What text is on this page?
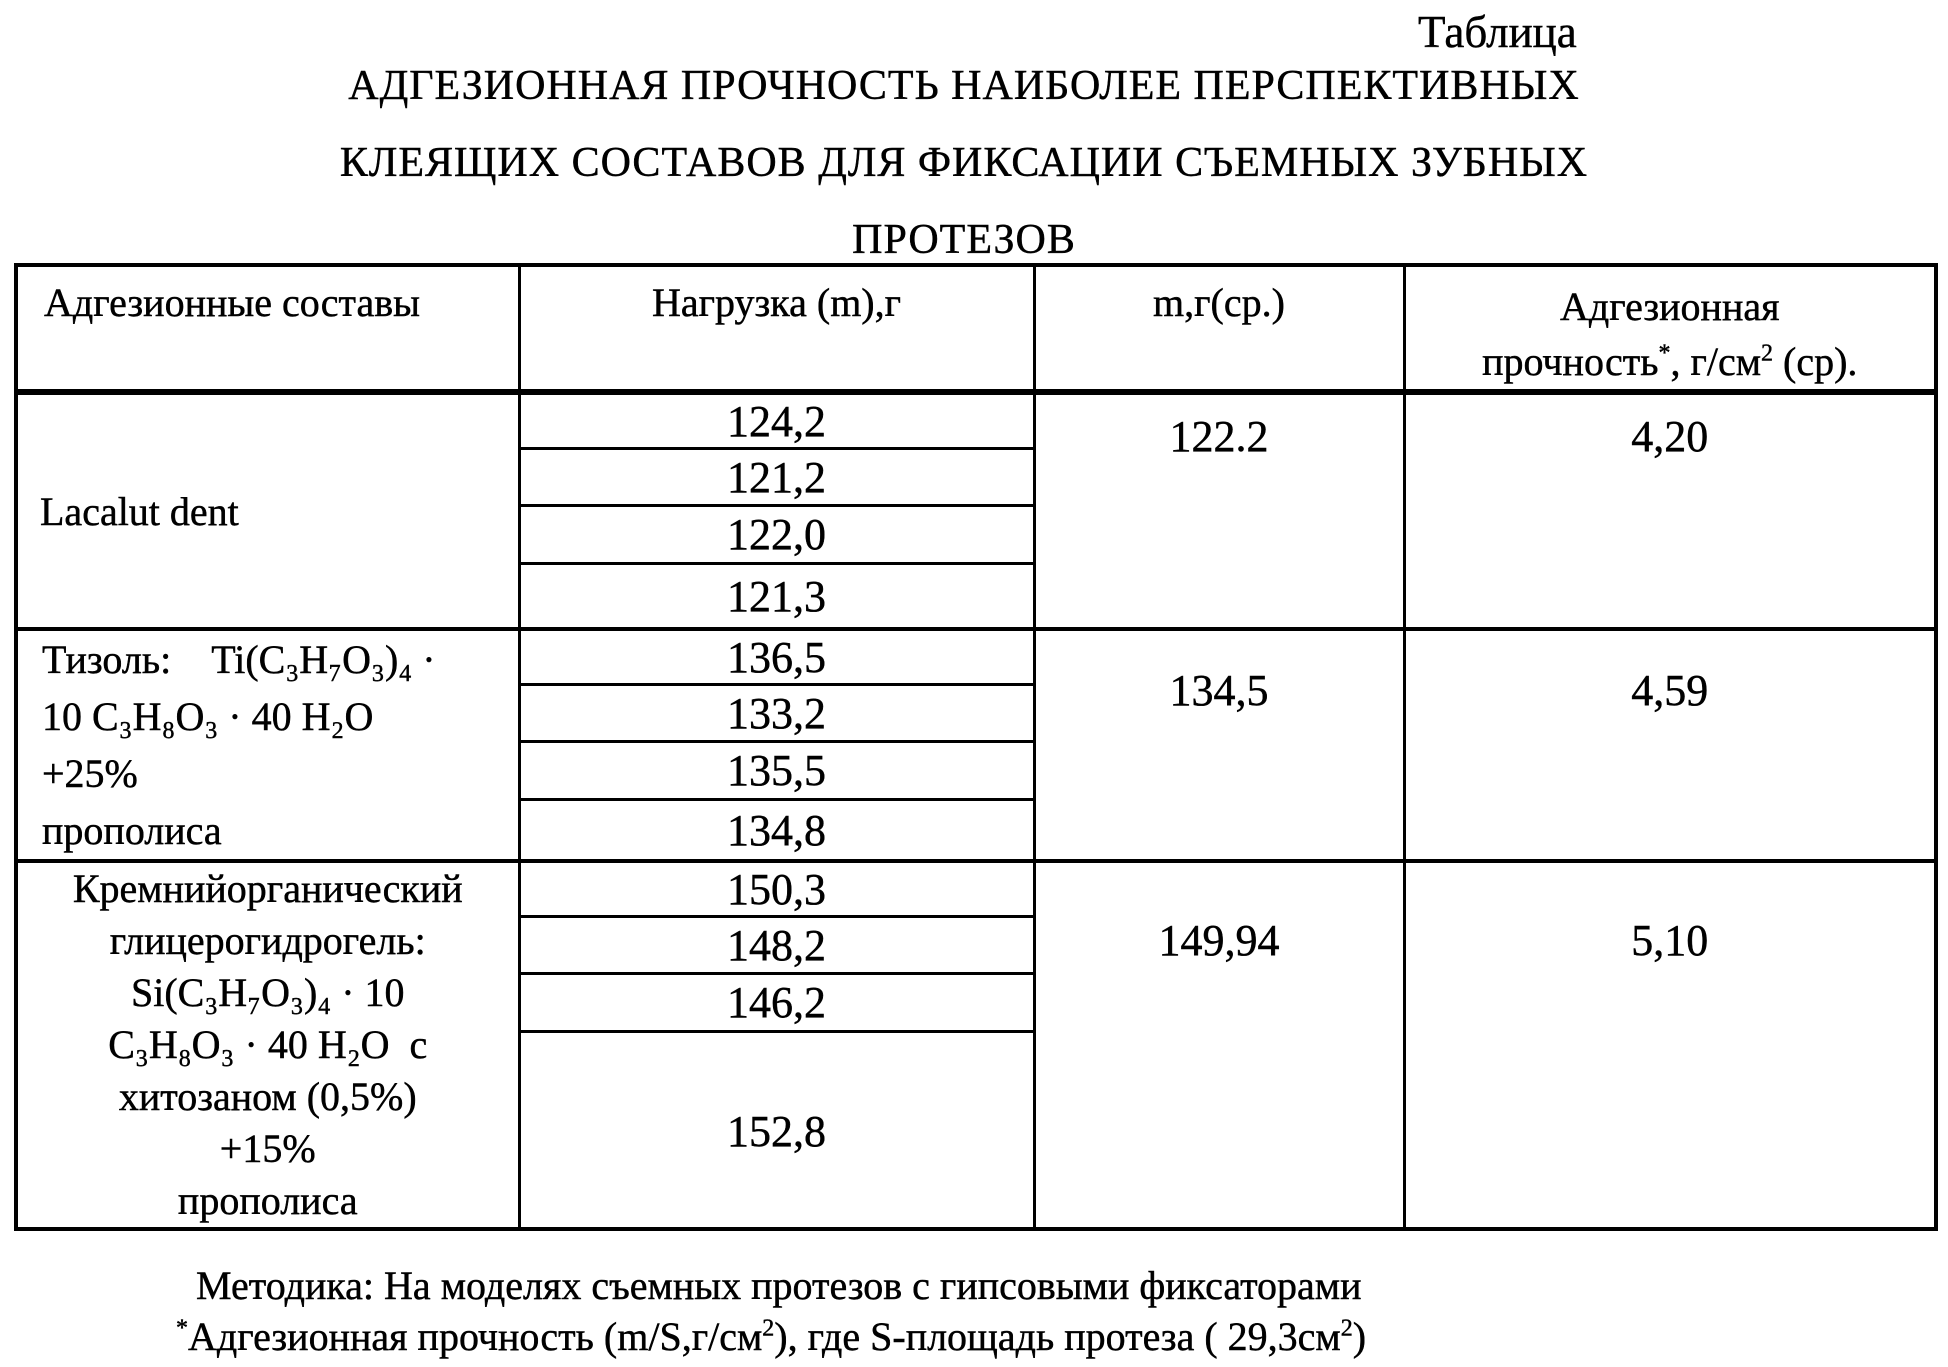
Таблица
АДГЕЗИОННАЯ ПРОЧНОСТЬ НАИБОЛЕЕ ПЕРСПЕКТИВНЫХ
КЛЕЯЩИХ СОСТАВОВ ДЛЯ ФИКСАЦИИ СЪЕМНЫХ ЗУБНЫХ
ПРОТЕЗОВ
Адгезионные составы	Нагрузка (m),г	m,г(ср.)	Адгезионная
прочность*, $г/см^2$ (ср).

Lacalut dent	124,2	122.2	4,20
	121,2		
	122,0		
	121,3		
Тизоль:    Ti(C₃H₇O₃)₄ ·
10 C₃H₈O₃ · 40 H₂O
+25%
прополиса	136,5	134,5	4,59
	133,2		
	135,5		
	134,8		
Кремнийорганический
глицерогидрогель:
Si(C₃H₇O₃)₄ · 10
C₃H₈O₃ · 40 H₂O  с
хитозаном (0,5%)
+15%
прополиса	150,3	149,94	5,10
	148,2		
	146,2		
	152,8		
Методика: На моделях съемных протезов с гипсовыми фиксаторами
*Адгезионная прочность $(m/S,г/см^2)$, где S-площадь протеза ( $29,3см^2$)
